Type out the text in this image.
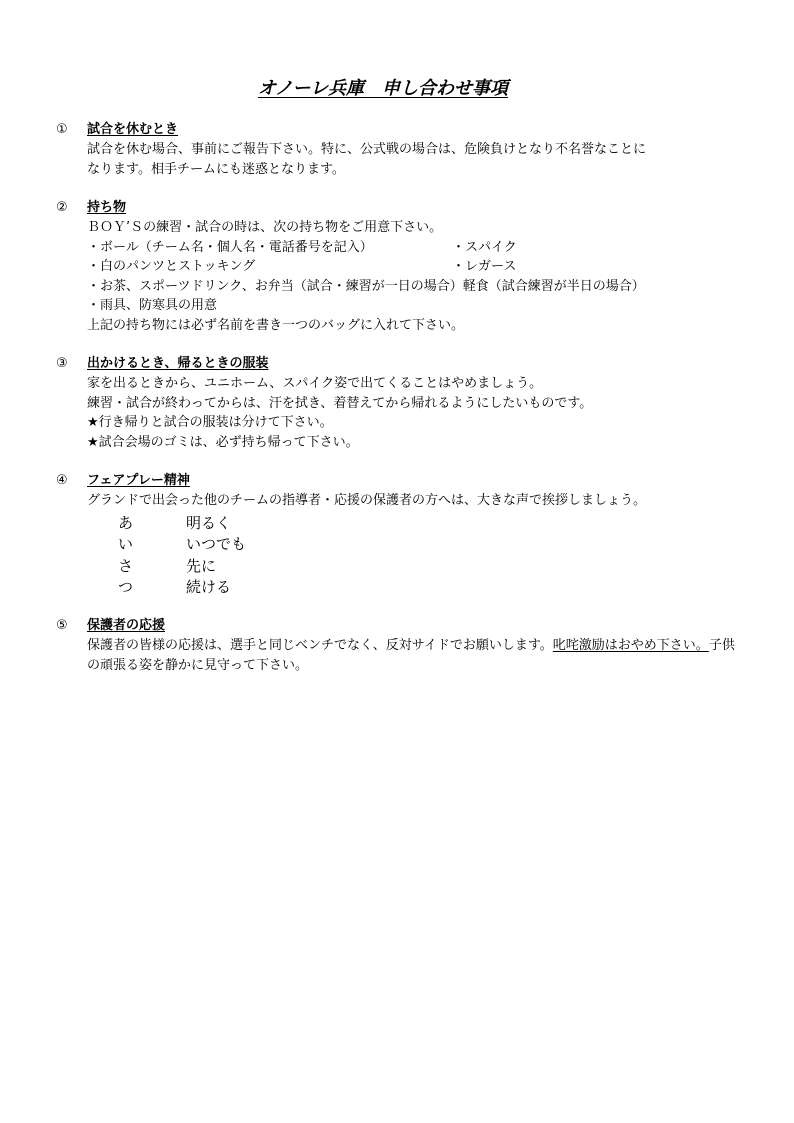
オノーレ兵庫　申し合わせ事項
① 試合を休むとき
試合を休む場合、事前にご報告下さい。特に、公式戦の場合は、危険負けとなり不名誉なことに
なります。相手チームにも迷惑となります。
② 持ち物
ＢＯＹ’Ｓの練習・試合の時は、次の持ち物をご用意下さい。
・ボール（チーム名・個人名・電話番号を記入）	・スパイク
・白のパンツとストッキング	・レガース
・お茶、スポーツドリンク、お弁当（試合・練習が一日の場合）軽食（試合練習が半日の場合）
・雨具、防寒具の用意
上記の持ち物には必ず名前を書き一つのバッグに入れて下さい。
③ 出かけるとき、帰るときの服装
家を出るときから、ユニホーム、スパイク姿で出てくることはやめましょう。
練習・試合が終わってからは、汗を拭き、着替えてから帰れるようにしたいものです。
★行き帰りと試合の服装は分けて下さい。
★試合会場のゴミは、必ず持ち帰って下さい。
④ フェアプレー精神
グランドで出会った他のチームの指導者・応援の保護者の方へは、大きな声で挨拶しましょう。
あ	明るく
い	いつでも
さ	先に
つ	続ける
⑤ 保護者の応援
保護者の皆様の応援は、選手と同じベンチでなく、反対サイドでお願いします。叱咤激励はおやめ下さい。子供の頑張る姿を静かに見守って下さい。
